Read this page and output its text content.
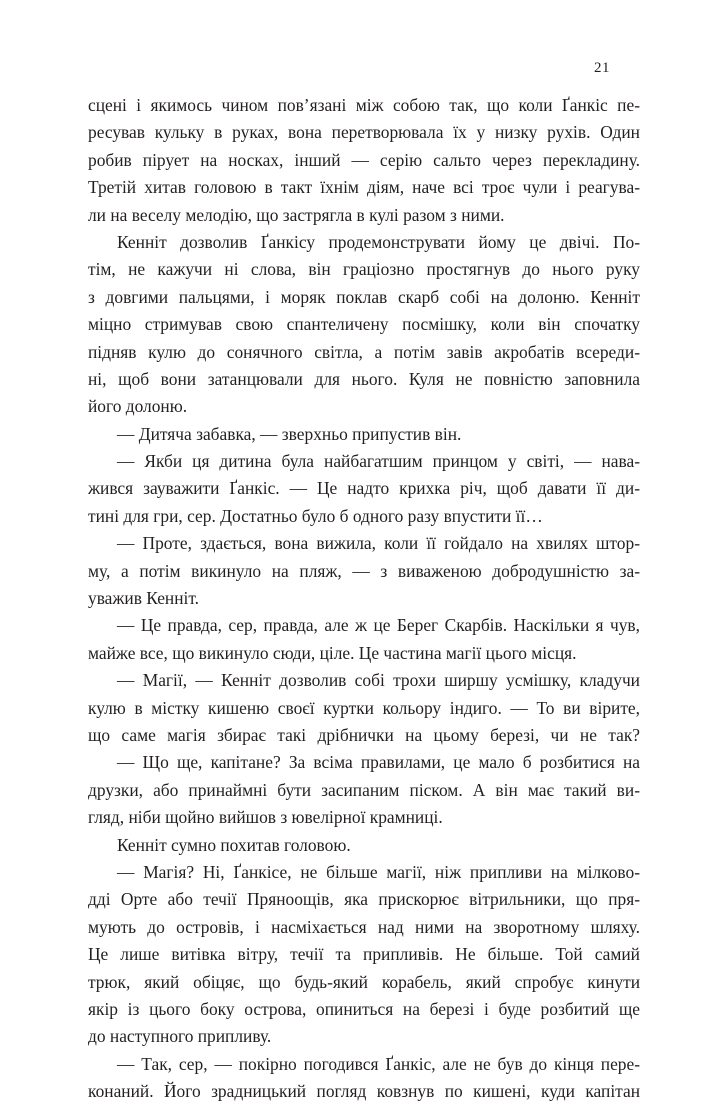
21
сцені і якимось чином пов’язані між собою так, що коли Ґанкіс пе-
ресував кульку в руках, вона перетворювала їх у низку рухів. Один
робив пірует на носках, інший — серію сальто через перекладину.
Третій хитав головою в такт їхнім діям, наче всі троє чули і реагува-
ли на веселу мелодію, що застрягла в кулі разом з ними.
Кенніт дозволив Ґанкісу продемонструвати йому це двічі. По-
тім, не кажучи ні слова, він граціозно простягнув до нього руку
з довгими пальцями, і моряк поклав скарб собі на долоню. Кенніт
міцно стримував свою спантеличену посмішку, коли він спочатку
підняв кулю до сонячного світла, а потім завів акробатів всереди-
ні, щоб вони затанцювали для нього. Куля не повністю заповнила
його долоню.
— Дитяча забавка, — зверхньо припустив він.
— Якби ця дитина була найбагатшим принцом у світі, — нава-
жився зауважити Ґанкіс. — Це надто крихка річ, щоб давати її ди-
тині для гри, сер. Достатньо було б одного разу впустити її…
— Проте, здається, вона вижила, коли її гойдало на хвилях штор-
му, а потім викинуло на пляж, — з виваженою добродушністю за-
уважив Кенніт.
— Це правда, сер, правда, але ж це Берег Скарбів. Наскільки я чув,
майже все, що викинуло сюди, ціле. Це частина магії цього місця.
— Магії, — Кенніт дозволив собі трохи ширшу усмішку, кладучи
кулю в містку кишеню своєї куртки кольору індиго. — То ви вірите,
що саме магія збирає такі дрібнички на цьому березі, чи не так?
— Що ще, капітане? За всіма правилами, це мало б розбитися на
друзки, або принаймні бути засипаним піском. А він має такий ви-
гляд, ніби щойно вийшов з ювелірної крамниці.
Кенніт сумно похитав головою.
— Магія? Ні, Ґанкісе, не більше магії, ніж припливи на мілково-
дді Орте або течії Пряноощів, яка прискорює вітрильники, що пря-
мують до островів, і насміхається над ними на зворотному шляху.
Це лише витівка вітру, течії та припливів. Не більше. Той самий
трюк, який обіцяє, що будь-який корабель, який спробує кинути
якір із цього боку острова, опиниться на березі і буде розбитий ще
до наступного припливу.
— Так, сер, — покірно погодився Ґанкіс, але не був до кінця пере-
конаний. Його зрадницький погляд ковзнув по кишені, куди капітан
